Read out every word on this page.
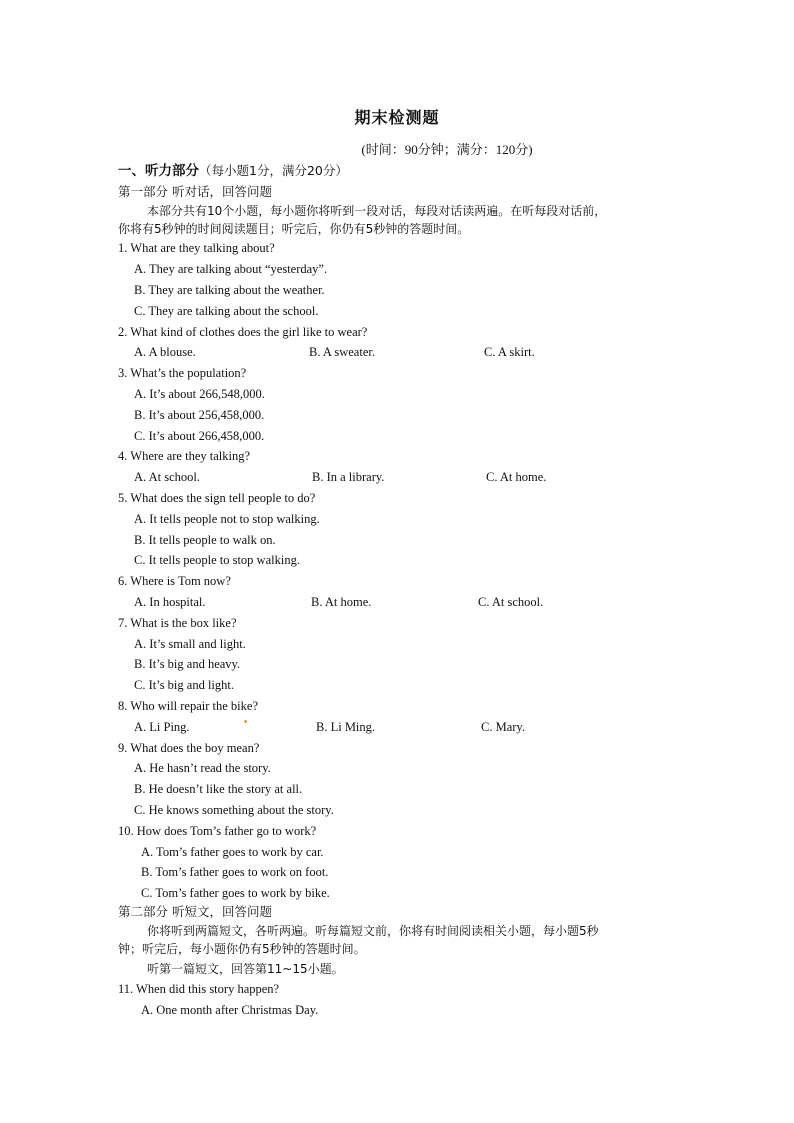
期末检测题
(时间：90分钟；满分：120分)
一、听力部分（每小题1分，满分20分）
第一部分 听对话，回答问题
本部分共有10个小题，每小题你将听到一段对话，每段对话读两遍。在听每段对话前，
你将有5秒钟的时间阅读题目；听完后，你仍有5秒钟的答题时间。
1. What are they talking about?
A. They are talking about “yesterday”.
B. They are talking about the weather.
C. They are talking about the school.
2. What kind of clothes does the girl like to wear?
A. A blouse.	B. A sweater.	C. A skirt.
3. What’s the population?
A. It’s about 266,548,000.
B. It’s about 256,458,000.
C. It’s about 266,458,000.
4. Where are they talking?
A. At school.	B. In a library.	C. At home.
5. What does the sign tell people to do?
A. It tells people not to stop walking.
B. It tells people to walk on.
C. It tells people to stop walking.
6. Where is Tom now?
A. In hospital.	B. At home.	C. At school.
7. What is the box like?
A. It’s small and light.
B. It’s big and heavy.
C. It’s big and light.
8. Who will repair the bike?
A. Li Ping.	B. Li Ming.	C. Mary.
9. What does the boy mean?
A. He hasn’t read the story.
B. He doesn’t like the story at all.
C. He knows something about the story.
10. How does Tom’s father go to work?
A. Tom’s father goes to work by car.
B. Tom’s father goes to work on foot.
C. Tom’s father goes to work by bike.
第二部分 听短文，回答问题
你将听到两篇短文，各听两遍。听每篇短文前，你将有时间阅读相关小题，每小题5秒
钟；听完后，每小题你仍有5秒钟的答题时间。
听第一篇短文，回答第11~15小题。
11. When did this story happen?
A. One month after Christmas Day.
